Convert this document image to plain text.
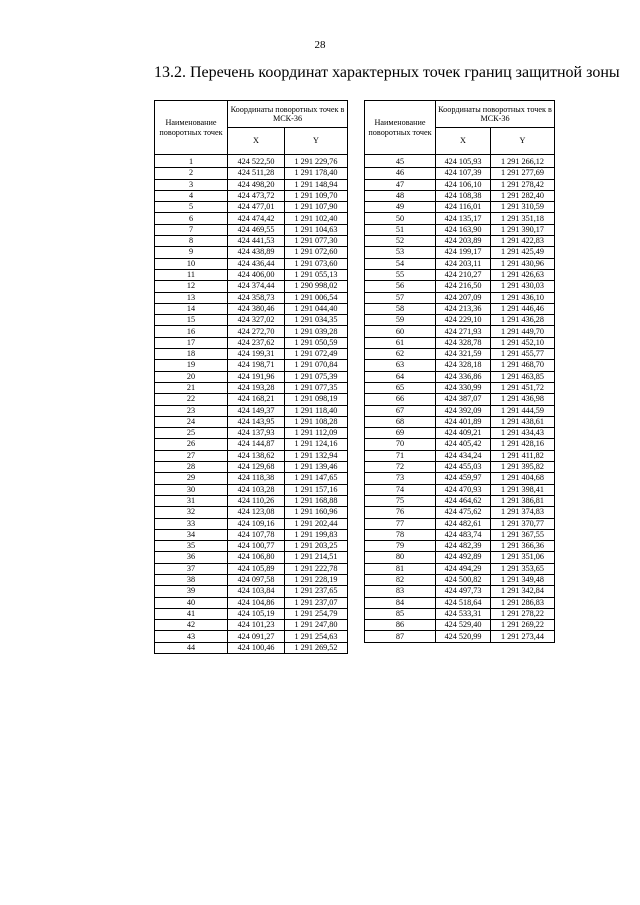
28
13.2. Перечень координат характерных точек границ защитной зоны
Наименование поворотных точек	Координаты поворотных точек в МСК-36	
	X	Y
1	424 522,50	1 291 229,76
2	424 511,28	1 291 178,40
3	424 498,20	1 291 148,94
4	424 473,72	1 291 109,70
5	424 477,01	1 291 107,90
6	424 474,42	1 291 102,40
7	424 469,55	1 291 104,63
8	424 441,53	1 291 077,30
9	424 438,89	1 291 072,60
10	424 436,44	1 291 073,60
11	424 406,00	1 291 055,13
12	424 374,44	1 290 998,02
13	424 358,73	1 291 006,54
14	424 380,46	1 291 044,40
15	424 327,02	1 291 034,35
16	424 272,70	1 291 039,28
17	424 237,62	1 291 050,59
18	424 199,31	1 291 072,49
19	424 198,71	1 291 070,84
20	424 191,96	1 291 075,39
21	424 193,28	1 291 077,35
22	424 168,21	1 291 098,19
23	424 149,37	1 291 118,40
24	424 143,95	1 291 108,28
25	424 137,93	1 291 112,09
26	424 144,87	1 291 124,16
27	424 138,62	1 291 132,94
28	424 129,68	1 291 139,46
29	424 118,38	1 291 147,65
30	424 103,28	1 291 157,16
31	424 110,26	1 291 168,88
32	424 123,08	1 291 160,96
33	424 109,16	1 291 202,44
34	424 107,78	1 291 199,83
35	424 100,77	1 291 203,25
36	424 106,80	1 291 214,51
37	424 105,89	1 291 222,78
38	424 097,58	1 291 228,19
39	424 103,84	1 291 237,65
40	424 104,86	1 291 237,07
41	424 105,19	1 291 254,79
42	424 101,23	1 291 247,80
43	424 091,27	1 291 254,63
44	424 100,46	1 291 269,52
Наименование поворотных точек	Координаты поворотных точек в МСК-36	
	X	Y
45	424 105,93	1 291 266,12
46	424 107,39	1 291 277,69
47	424 106,10	1 291 278,42
48	424 108,38	1 291 282,40
49	424 116,01	1 291 310,59
50	424 135,17	1 291 351,18
51	424 163,90	1 291 390,17
52	424 203,89	1 291 422,83
53	424 199,17	1 291 425,49
54	424 203,11	1 291 430,96
55	424 210,27	1 291 426,63
56	424 216,50	1 291 430,03
57	424 207,09	1 291 436,10
58	424 213,36	1 291 446,46
59	424 229,10	1 291 436,28
60	424 271,93	1 291 449,70
61	424 328,78	1 291 452,10
62	424 321,59	1 291 455,77
63	424 328,18	1 291 468,70
64	424 336,86	1 291 463,85
65	424 330,99	1 291 451,72
66	424 387,07	1 291 436,98
67	424 392,09	1 291 444,59
68	424 401,89	1 291 438,61
69	424 409,21	1 291 434,43
70	424 405,42	1 291 428,16
71	424 434,24	1 291 411,82
72	424 455,03	1 291 395,82
73	424 459,97	1 291 404,68
74	424 470,93	1 291 398,41
75	424 464,62	1 291 386,81
76	424 475,62	1 291 374,83
77	424 482,61	1 291 370,77
78	424 483,74	1 291 367,55
79	424 482,39	1 291 366,36
80	424 492,89	1 291 351,06
81	424 494,29	1 291 353,65
82	424 500,82	1 291 349,48
83	424 497,73	1 291 342,84
84	424 518,64	1 291 286,83
85	424 533,31	1 291 278,22
86	424 529,40	1 291 269,22
87	424 520,99	1 291 273,44
